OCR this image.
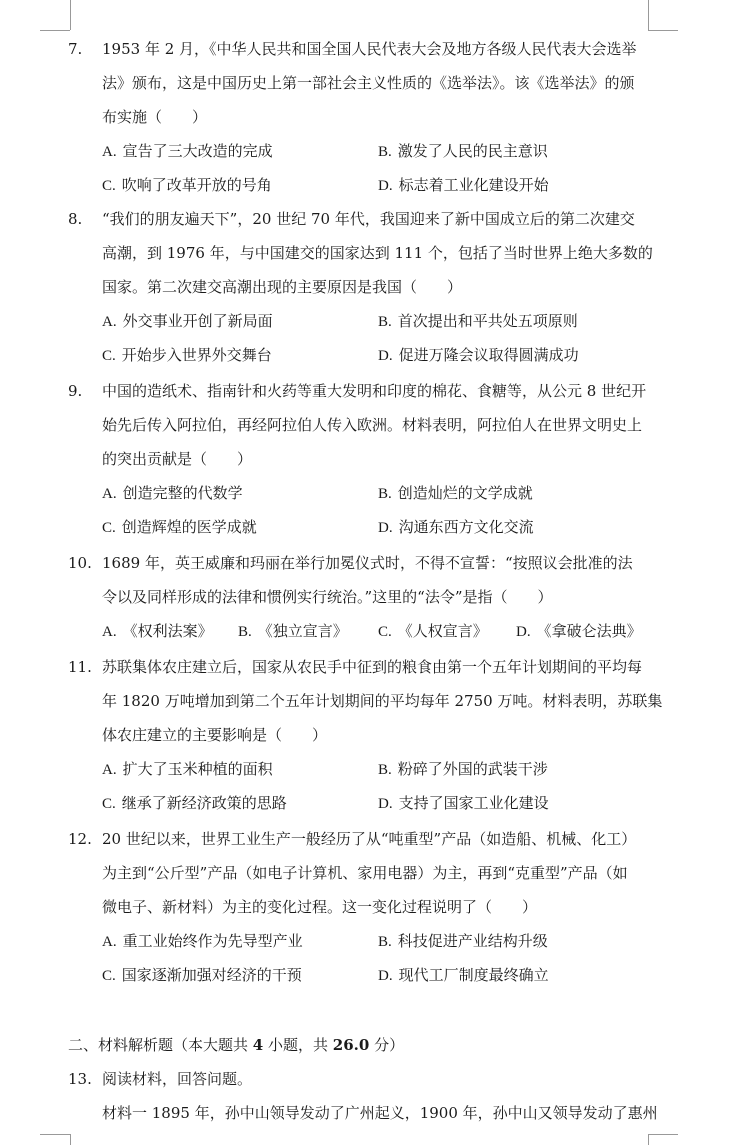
7. 1953 年 2 月，《中华人民共和国全国人民代表大会及地方各级人民代表大会选举
法》颁布，这是中国历史上第一部社会主义性质的《选举法》。该《选举法》的颁
布实施（　　）
A. 宣告了三大改造的完成	B. 激发了人民的民主意识
C. 吹响了改革开放的号角	D. 标志着工业化建设开始
8. “我们的朋友遍天下”，20 世纪 70 年代，我国迎来了新中国成立后的第二次建交
高潮，到 1976 年，与中国建交的国家达到 111 个，包括了当时世界上绝大多数的
国家。第二次建交高潮出现的主要原因是我国（　　）
A. 外交事业开创了新局面	B. 首次提出和平共处五项原则
C. 开始步入世界外交舞台	D. 促进万隆会议取得圆满成功
9. 中国的造纸术、指南针和火药等重大发明和印度的棉花、食糖等，从公元 8 世纪开
始先后传入阿拉伯，再经阿拉伯人传入欧洲。材料表明，阿拉伯人在世界文明史上
的突出贡献是（　　）
A. 创造完整的代数学	B. 创造灿烂的文学成就
C. 创造辉煌的医学成就	D. 沟通东西方文化交流
10. 1689 年，英王威廉和玛丽在举行加冕仪式时，不得不宣誓：“按照议会批准的法
令以及同样形成的法律和惯例实行统治。”这里的“法令”是指（　　）
A. 《权利法案》 B. 《独立宣言》 C. 《人权宣言》 D. 《拿破仑法典》
11. 苏联集体农庄建立后，国家从农民手中征到的粮食由第一个五年计划期间的平均每
年 1820 万吨增加到第二个五年计划期间的平均每年 2750 万吨。材料表明，苏联集
体农庄建立的主要影响是（　　）
A. 扩大了玉米种植的面积	B. 粉碎了外国的武装干涉
C. 继承了新经济政策的思路	D. 支持了国家工业化建设
12. 20 世纪以来，世界工业生产一般经历了从“吨重型”产品（如造船、机械、化工）
为主到“公斤型”产品（如电子计算机、家用电器）为主，再到“克重型”产品（如
微电子、新材料）为主的变化过程。这一变化过程说明了（　　）
A. 重工业始终作为先导型产业	B. 科技促进产业结构升级
C. 国家逐渐加强对经济的干预	D. 现代工厂制度最终确立
二、材料解析题（本大题共 4 小题，共 26.0 分）
13. 阅读材料，回答问题。
材料一 1895 年，孙中山领导发动了广州起义，1900 年，孙中山又领导发动了惠州
